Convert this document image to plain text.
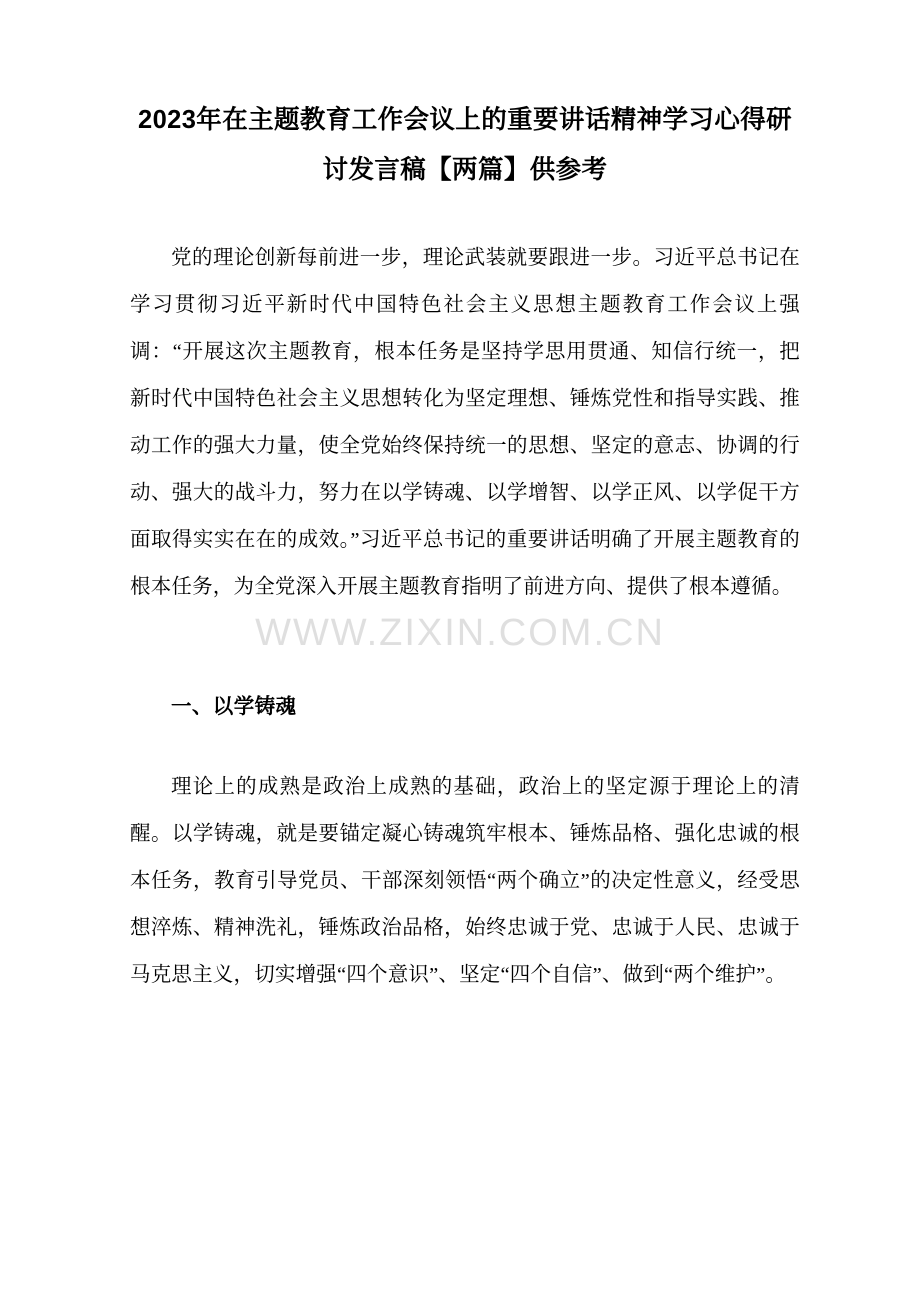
2023年在主题教育工作会议上的重要讲话精神学习心得研讨发言稿【两篇】供参考

党的理论创新每前进一步，理论武装就要跟进一步。习近平总书记在学习贯彻习近平新时代中国特色社会主义思想主题教育工作会议上强调：“开展这次主题教育，根本任务是坚持学思用贯通、知信行统一，把新时代中国特色社会主义思想转化为坚定理想、锤炼党性和指导实践、推动工作的强大力量，使全党始终保持统一的思想、坚定的意志、协调的行动、强大的战斗力，努力在以学铸魂、以学增智、以学正风、以学促干方面取得实实在在的成效。”习近平总书记的重要讲话明确了开展主题教育的根本任务，为全党深入开展主题教育指明了前进方向、提供了根本遵循。

一、以学铸魂

理论上的成熟是政治上成熟的基础，政治上的坚定源于理论上的清醒。以学铸魂，就是要锚定凝心铸魂筑牢根本、锤炼品格、强化忠诚的根本任务，教育引导党员、干部深刻领悟“两个确立”的决定性意义，经受思想淬炼、精神洗礼，锤炼政治品格，始终忠诚于党、忠诚于人民、忠诚于马克思主义，切实增强“四个意识”、坚定“四个自信”、做到“两个维护”。

WWW.ZIXIN.COM.CN
